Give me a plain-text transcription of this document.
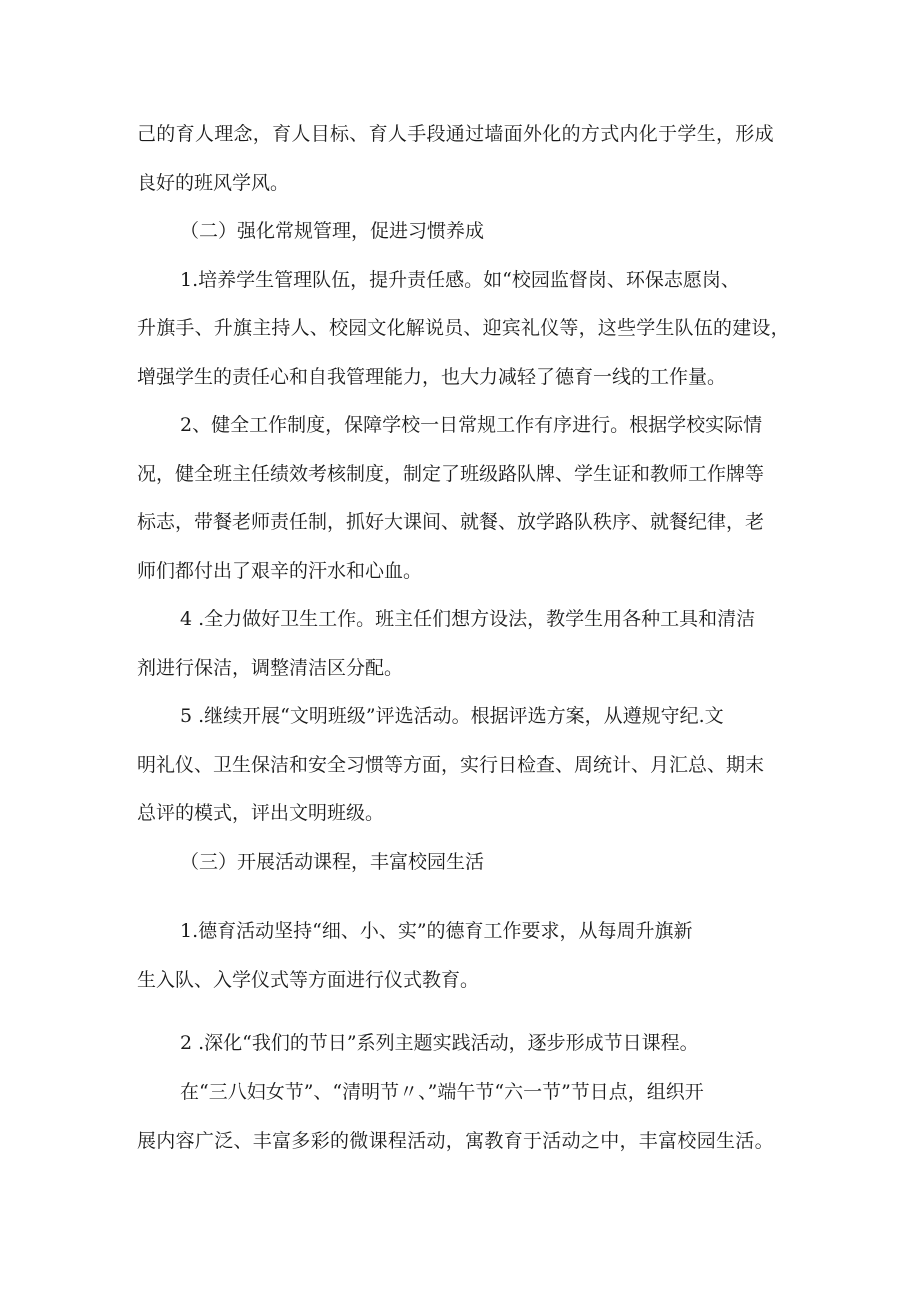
己的育人理念，育人目标、育人手段通过墙面外化的方式内化于学生，形成
良好的班风学风。
（二）强化常规管理，促进习惯养成
1.培养学生管理队伍，提升责任感。如“校园监督岗、环保志愿岗、
升旗手、升旗主持人、校园文化解说员、迎宾礼仪等，这些学生队伍的建设，
增强学生的责任心和自我管理能力，也大力减轻了德育一线的工作量。
2、健全工作制度，保障学校一日常规工作有序进行。根据学校实际情
况，健全班主任绩效考核制度，制定了班级路队牌、学生证和教师工作牌等
标志，带餐老师责任制，抓好大课间、就餐、放学路队秩序、就餐纪律，老
师们都付出了艰辛的汗水和心血。
4 .全力做好卫生工作。班主任们想方设法，教学生用各种工具和清洁
剂进行保洁，调整清洁区分配。
5 .继续开展“文明班级”评选活动。根据评选方案，从遵规守纪.文
明礼仪、卫生保洁和安全习惯等方面，实行日检查、周统计、月汇总、期末
总评的模式，评出文明班级。
（三）开展活动课程，丰富校园生活
1.德育活动坚持“细、小、实”的德育工作要求，从每周升旗新
生入队、入学仪式等方面进行仪式教育。
2 .深化“我们的节日”系列主题实践活动，逐步形成节日课程。
在“三八妇女节”、“清明节〃、”端午节“六一节”节日点，组织开
展内容广泛、丰富多彩的微课程活动，寓教育于活动之中，丰富校园生活。
